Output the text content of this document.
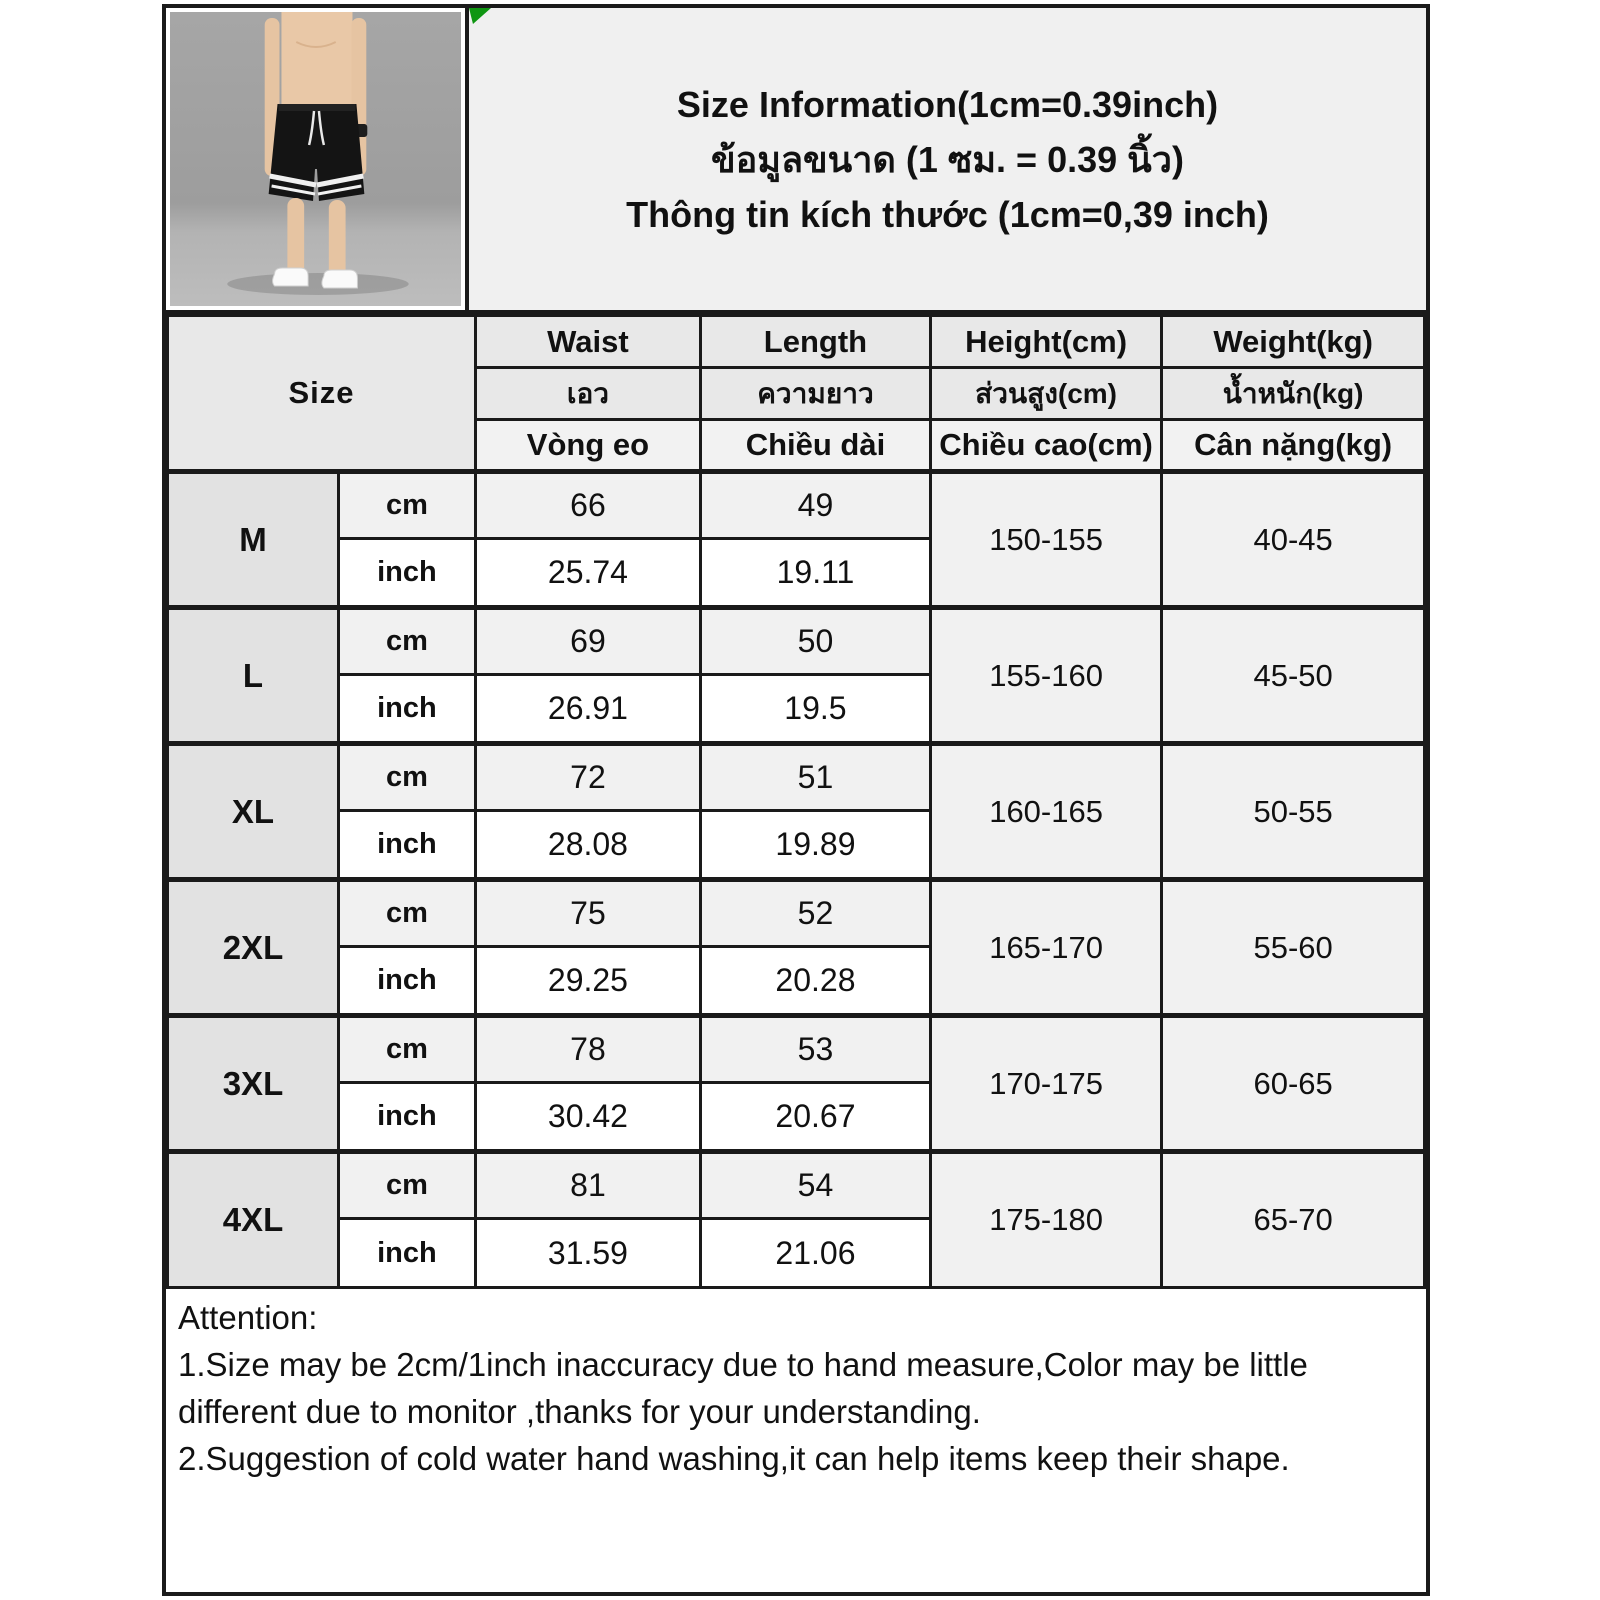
Size Information(1cm=0.39inch)
ข้อมูลขนาด (1 ซม. = 0.39 นิ้ว)
Thông tin kích thước (1cm=0,39 inch)
Size		Waist	Length	Height(cm)	Weight(kg)
		เอว	ความยาว	ส่วนสูง(cm)	น้ำหนัก(kg)
		Vòng eo	Chiều dài	Chiều cao(cm)	Cân nặng(kg)
M	cm	66	49	150-155	40-45
	inch	25.74	19.11		
L	cm	69	50	155-160	45-50
	inch	26.91	19.5		
XL	cm	72	51	160-165	50-55
	inch	28.08	19.89		
2XL	cm	75	52	165-170	55-60
	inch	29.25	20.28		
3XL	cm	78	53	170-175	60-65
	inch	30.42	20.67		
4XL	cm	81	54	175-180	65-70
	inch	31.59	21.06		

Attention:

1.Size may be 2cm/1inch inaccuracy due to hand measure,Color may be little different due to monitor ,thanks for your understanding.

2.Suggestion of cold water hand washing,it can help items keep their shape.
